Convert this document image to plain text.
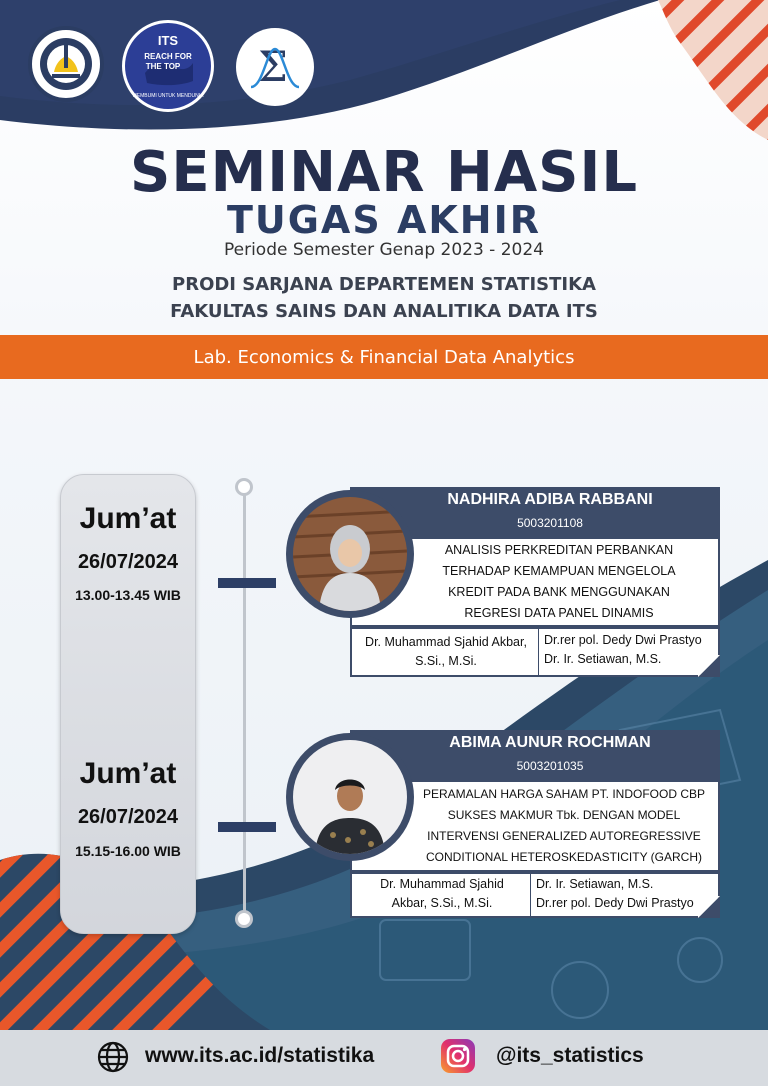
ITS
REACH FOR
THE TOP
MEMBUMI UNTUK MENDUNIA
Σ
SEMINAR HASIL
TUGAS AKHIR
Periode Semester Genap 2023 - 2024
PRODI SARJANA DEPARTEMEN STATISTIKA
FAKULTAS SAINS DAN ANALITIKA DATA ITS
Lab. Economics & Financial Data Analytics
Jum’at
26/07/2024
13.00-13.45 WIB
Jum’at
26/07/2024
15.15-16.00 WIB
NADHIRA ADIBA RABBANI
5003201108
ANALISIS PERKREDITAN PERBANKAN
TERHADAP KEMAMPUAN MENGELOLA
KREDIT PADA BANK MENGGUNAKAN
REGRESI DATA PANEL DINAMIS
Dr. Muhammad Sjahid Akbar,
S.Si., M.Si.
Dr.rer pol. Dedy Dwi Prastyo
Dr. Ir. Setiawan, M.S.
ABIMA AUNUR ROCHMAN
5003201035
PERAMALAN HARGA SAHAM PT. INDOFOOD CBP
SUKSES MAKMUR Tbk. DENGAN MODEL
INTERVENSI GENERALIZED AUTOREGRESSIVE
CONDITIONAL HETEROSKEDASTICITY (GARCH)
Dr. Muhammad Sjahid
Akbar, S.Si., M.Si.
Dr. Ir. Setiawan, M.S.
Dr.rer pol. Dedy Dwi Prastyo
www.its.ac.id/statistika	@its_statistics
